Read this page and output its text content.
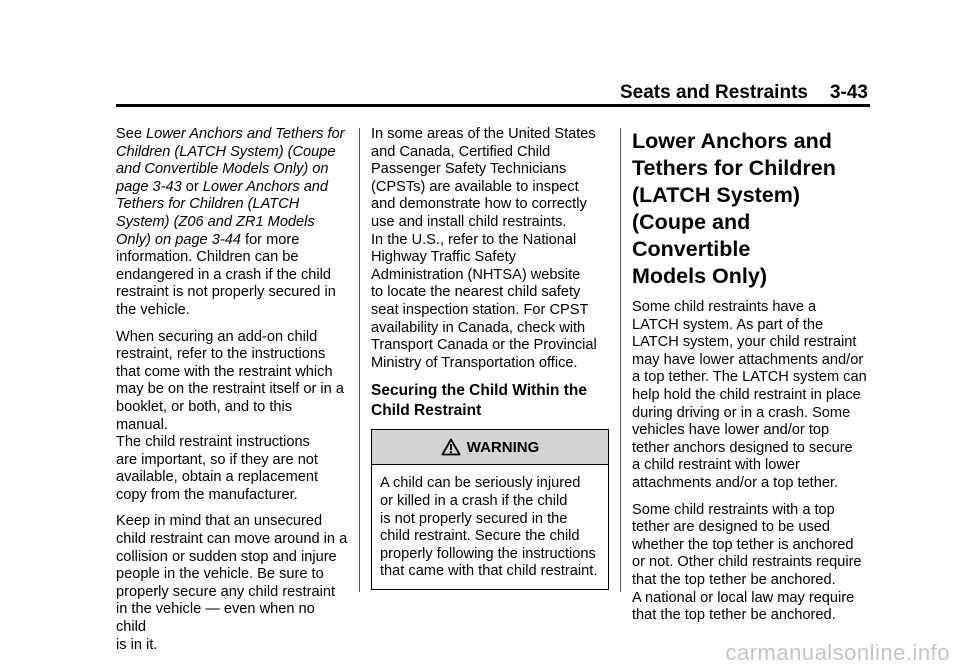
Seats and Restraints 3-43

See Lower Anchors and Tethers for Children (LATCH System) (Coupe and Convertible Models Only) on page 3-43 or Lower Anchors and Tethers for Children (LATCH System) (Z06 and ZR1 Models Only) on page 3-44 for more information. Children can be endangered in a crash if the child restraint is not properly secured in the vehicle.

When securing an add-on child
restraint, refer to the instructions
that come with the restraint which
may be on the restraint itself or in a
booklet, or both, and to this manual.
The child restraint instructions
are important, so if they are not
available, obtain a replacement
copy from the manufacturer.

Keep in mind that an unsecured
child restraint can move around in a
collision or sudden stop and injure
people in the vehicle. Be sure to
properly secure any child restraint
in the vehicle — even when no child
is in it.

In some areas of the United States
and Canada, Certified Child
Passenger Safety Technicians
(CPSTs) are available to inspect
and demonstrate how to correctly
use and install child restraints.
In the U.S., refer to the National
Highway Traffic Safety
Administration (NHTSA) website
to locate the nearest child safety
seat inspection station. For CPST
availability in Canada, check with
Transport Canada or the Provincial
Ministry of Transportation office.

Securing the Child Within the
Child Restraint
WARNING
A child can be seriously injured
or killed in a crash if the child
is not properly secured in the
child restraint. Secure the child
properly following the instructions
that came with that child restraint.
Lower Anchors and
Tethers for Children
(LATCH System)
(Coupe and Convertible
Models Only)

Some child restraints have a
LATCH system. As part of the
LATCH system, your child restraint
may have lower attachments and/or
a top tether. The LATCH system can
help hold the child restraint in place
during driving or in a crash. Some
vehicles have lower and/or top
tether anchors designed to secure
a child restraint with lower
attachments and/or a top tether.

Some child restraints with a top
tether are designed to be used
whether the top tether is anchored
or not. Other child restraints require
that the top tether be anchored.
A national or local law may require
that the top tether be anchored.

carmanualsonline.info
